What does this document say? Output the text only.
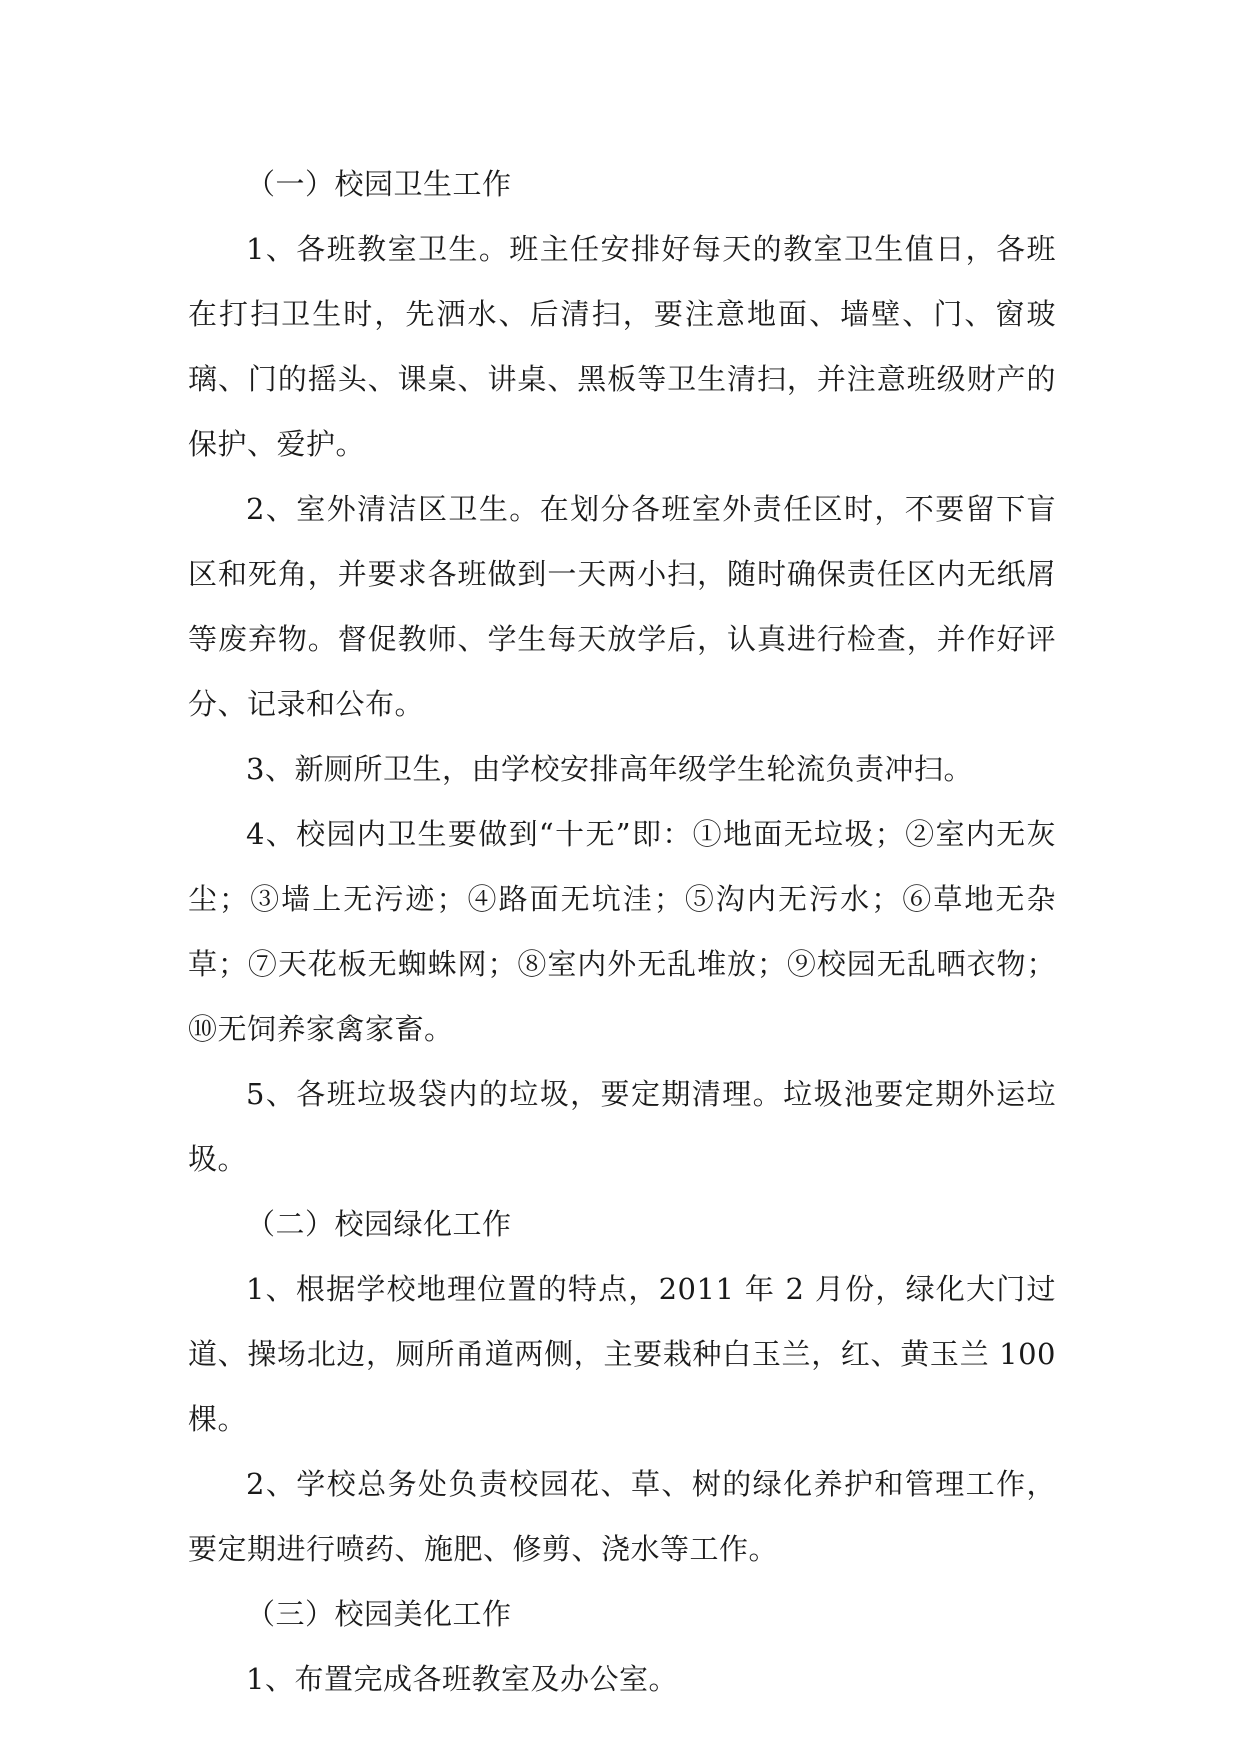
（一）校园卫生工作

1、各班教室卫生。班主任安排好每天的教室卫生值日，各班在打扫卫生时，先洒水、后清扫，要注意地面、墙壁、门、窗玻璃、门的摇头、课桌、讲桌、黑板等卫生清扫，并注意班级财产的保护、爱护。

2、室外清洁区卫生。在划分各班室外责任区时，不要留下盲区和死角，并要求各班做到一天两小扫，随时确保责任区内无纸屑等废弃物。督促教师、学生每天放学后，认真进行检查，并作好评分、记录和公布。

3、新厕所卫生，由学校安排高年级学生轮流负责冲扫。

4、校园内卫生要做到“十无”即：①地面无垃圾；②室内无灰尘；③墙上无污迹；④路面无坑洼；⑤沟内无污水；⑥草地无杂草；⑦天花板无蜘蛛网；⑧室内外无乱堆放；⑨校园无乱晒衣物；⑩无饲养家禽家畜。

5、各班垃圾袋内的垃圾，要定期清理。垃圾池要定期外运垃圾。

（二）校园绿化工作

1、根据学校地理位置的特点，2011 年 2 月份，绿化大门过道、操场北边，厕所甬道两侧，主要栽种白玉兰，红、黄玉兰 100 棵。

2、学校总务处负责校园花、草、树的绿化养护和管理工作，要定期进行喷药、施肥、修剪、浇水等工作。

（三）校园美化工作

1、布置完成各班教室及办公室。
